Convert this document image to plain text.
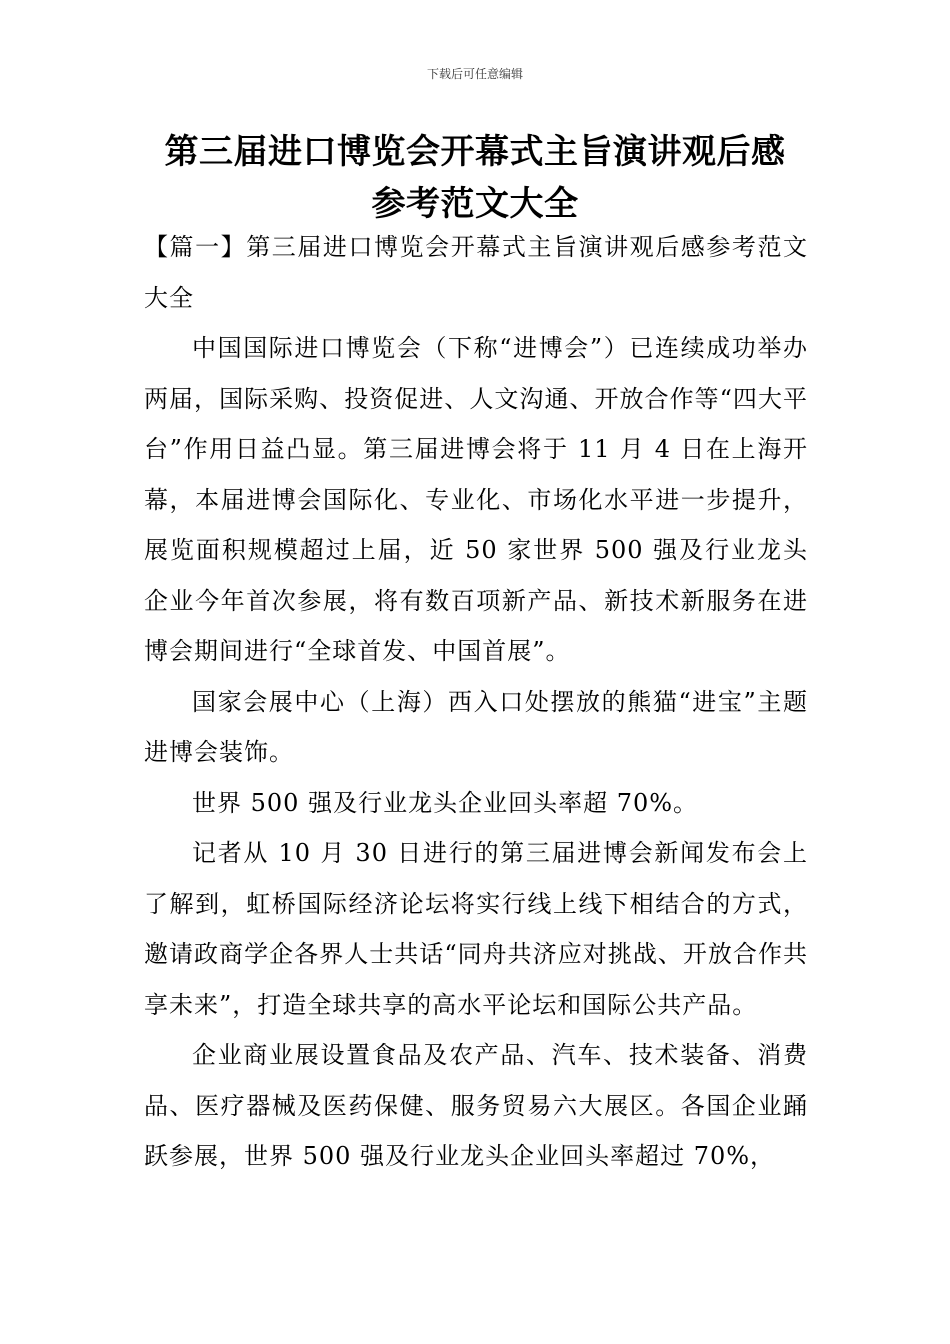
下载后可任意编辑
第三届进口博览会开幕式主旨演讲观后感
参考范文大全

【篇一】第三届进口博览会开幕式主旨演讲观后感参考范文大全

中国国际进口博览会（下称“进博会”）已连续成功举办两届，国际采购、投资促进、人文沟通、开放合作等“四大平台”作用日益凸显。第三届进博会将于 11 月 4 日在上海开幕，本届进博会国际化、专业化、市场化水平进一步提升，展览面积规模超过上届，近 50 家世界 500 强及行业龙头企业今年首次参展，将有数百项新产品、新技术新服务在进博会期间进行“全球首发、中国首展”。

国家会展中心（上海）西入口处摆放的熊猫“进宝”主题进博会装饰。

世界 500 强及行业龙头企业回头率超 70%。

记者从 10 月 30 日进行的第三届进博会新闻发布会上了解到，虹桥国际经济论坛将实行线上线下相结合的方式，邀请政商学企各界人士共话“同舟共济应对挑战、开放合作共享未来”，打造全球共享的高水平论坛和国际公共产品。

企业商业展设置食品及农产品、汽车、技术装备、消费品、医疗器械及医药保健、服务贸易六大展区。各国企业踊跃参展，世界 500 强及行业龙头企业回头率超过 70%，
